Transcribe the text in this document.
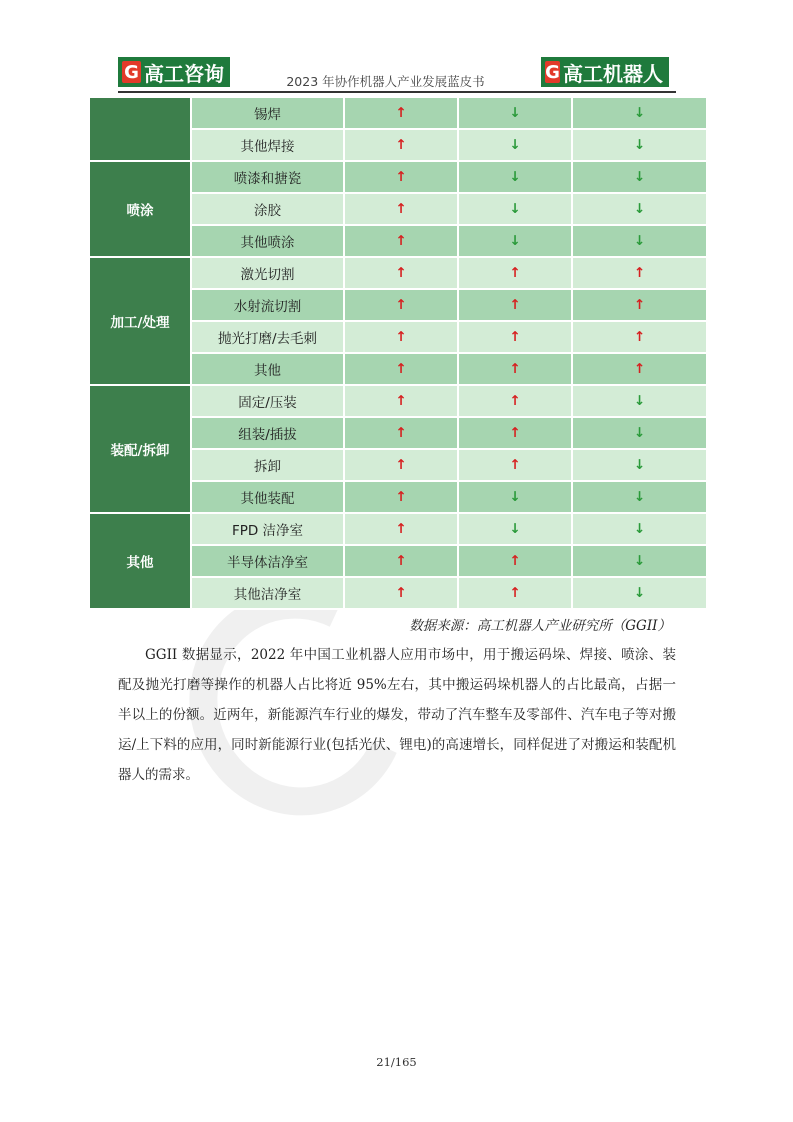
G 高工咨询	2023 年协作机器人产业发展蓝皮书	G 高工机器人
	锡焊	↑	↓	↓
	其他焊接	↑	↓	↓
喷涂	喷漆和搪瓷	↑	↓	↓
	涂胶	↑	↓	↓
	其他喷涂	↑	↓	↓
加工/处理	激光切割	↑	↑	↑
	水射流切割	↑	↑	↑
	抛光打磨/去毛刺	↑	↑	↑
	其他	↑	↑	↑
装配/拆卸	固定/压装	↑	↑	↓
	组装/插拔	↑	↑	↓
	拆卸	↑	↑	↓
	其他装配	↑	↓	↓
其他	FPD 洁净室	↑	↓	↓
	半导体洁净室	↑	↑	↓
	其他洁净室	↑	↑	↓
数据来源：高工机器人产业研究所（GGII）
GGII 数据显示，2022 年中国工业机器人应用市场中，用于搬运码垛、焊接、喷涂、装配及抛光打磨等操作的机器人占比将近 95%左右，其中搬运码垛机器人的占比最高，占据一半以上的份额。近两年，新能源汽车行业的爆发，带动了汽车整车及零部件、汽车电子等对搬运/上下料的应用，同时新能源行业(包括光伏、锂电)的高速增长，同样促进了对搬运和装配机器人的需求。
21/165
